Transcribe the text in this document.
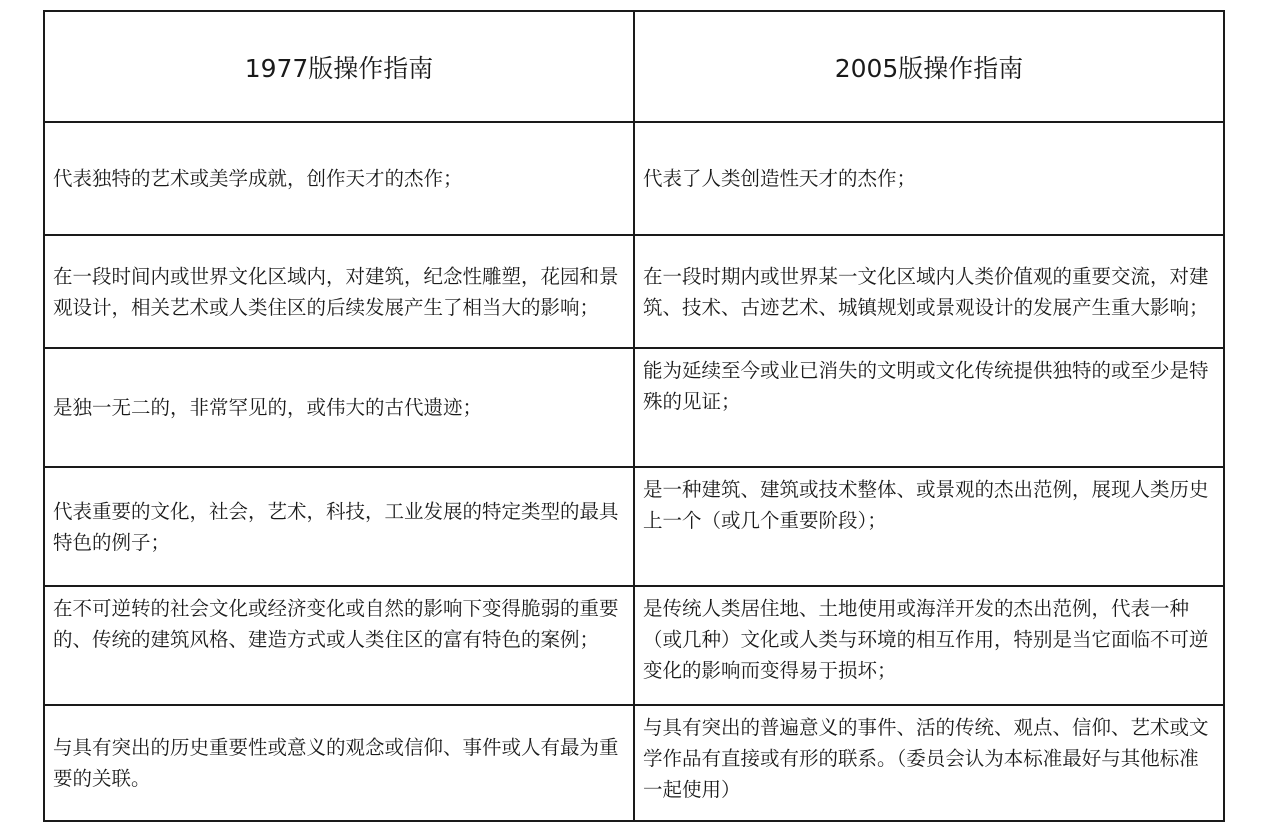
1977版操作指南	2005版操作指南
代表独特的艺术或美学成就，创作天才的杰作；	代表了人类创造性天才的杰作；
在一段时间内或世界文化区域内，对建筑，纪念性雕塑，花园和景观设计，相关艺术或人类住区的后续发展产生了相当大的影响；	在一段时期内或世界某一文化区域内人类价值观的重要交流，对建筑、技术、古迹艺术、城镇规划或景观设计的发展产生重大影响；
是独一无二的，非常罕见的，或伟大的古代遗迹；	能为延续至今或业已消失的文明或文化传统提供独特的或至少是特殊的见证；
代表重要的文化，社会，艺术，科技，工业发展的特定类型的最具特色的例子；	是一种建筑、建筑或技术整体、或景观的杰出范例，展现人类历史上一个（或几个重要阶段）；
在不可逆转的社会文化或经济变化或自然的影响下变得脆弱的重要的、传统的建筑风格、建造方式或人类住区的富有特色的案例；	是传统人类居住地、土地使用或海洋开发的杰出范例，代表一种（或几种）文化或人类与环境的相互作用，特别是当它面临不可逆变化的影响而变得易于损坏；
与具有突出的历史重要性或意义的观念或信仰、事件或人有最为重要的关联。	与具有突出的普遍意义的事件、活的传统、观点、信仰、艺术或文学作品有直接或有形的联系。（委员会认为本标准最好与其他标准一起使用）
